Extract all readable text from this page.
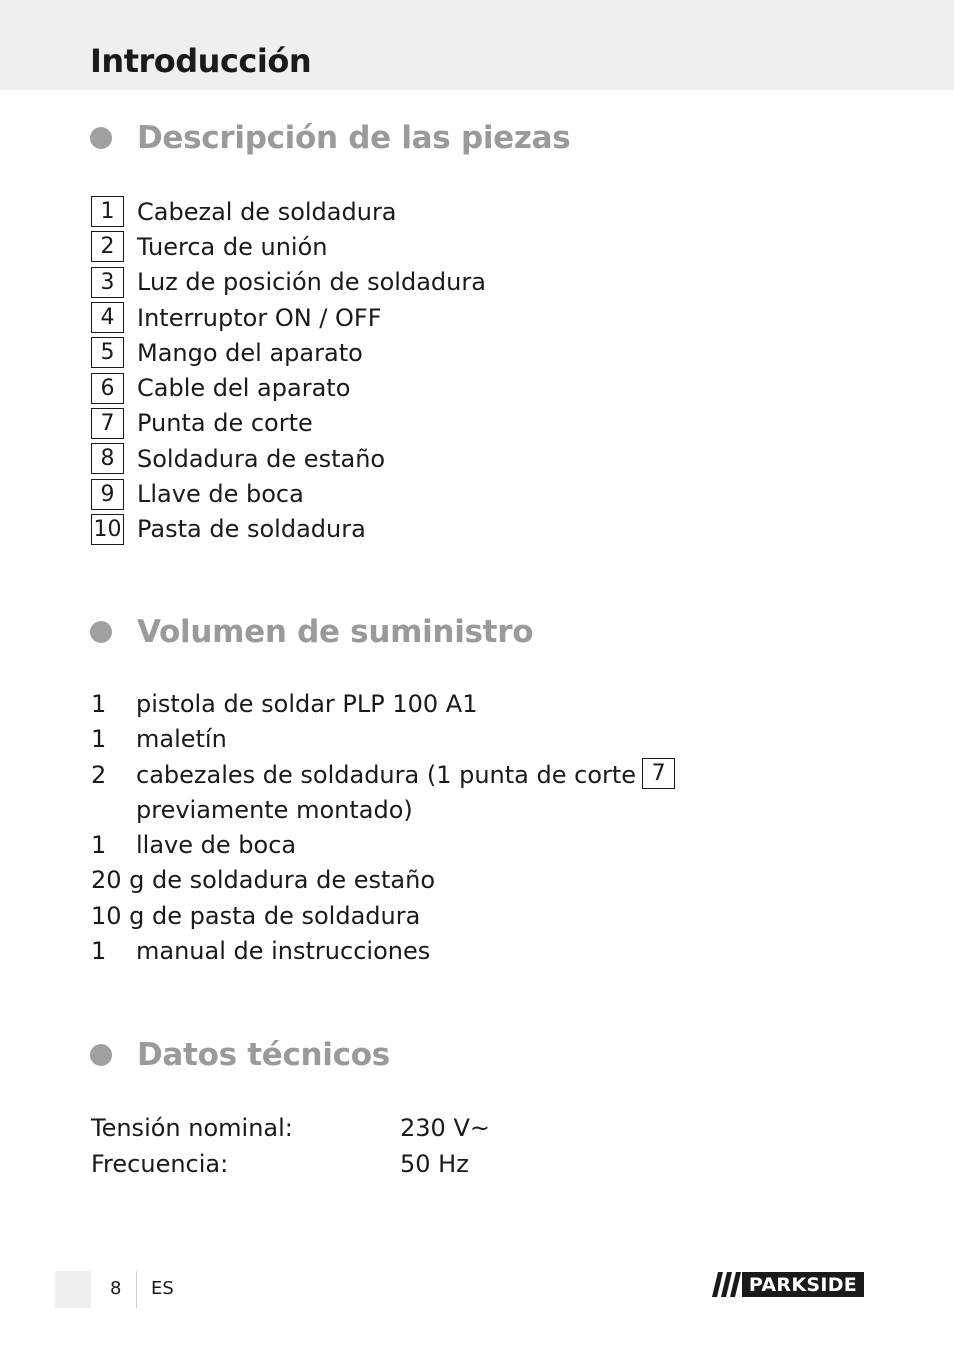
Introducción
Descripción de las piezas
1 Cabezal de soldadura
2 Tuerca de unión
3 Luz de posición de soldadura
4 Interruptor ON / OFF
5 Mango del aparato
6 Cable del aparato
7 Punta de corte
8 Soldadura de estaño
9 Llave de boca
10 Pasta de soldadura
Volumen de suministro
1	pistola de soldar PLP 100 A1
1	maletín
2	cabezales de soldadura (1 punta de corte 7
previamente montado)
1	llave de boca
20 g de soldadura de estaño
10 g de pasta de soldadura
1	manual de instrucciones
Datos técnicos
Tensión nominal:	230 V~
Frecuencia:	50 Hz
8 ES	PARKSIDE
